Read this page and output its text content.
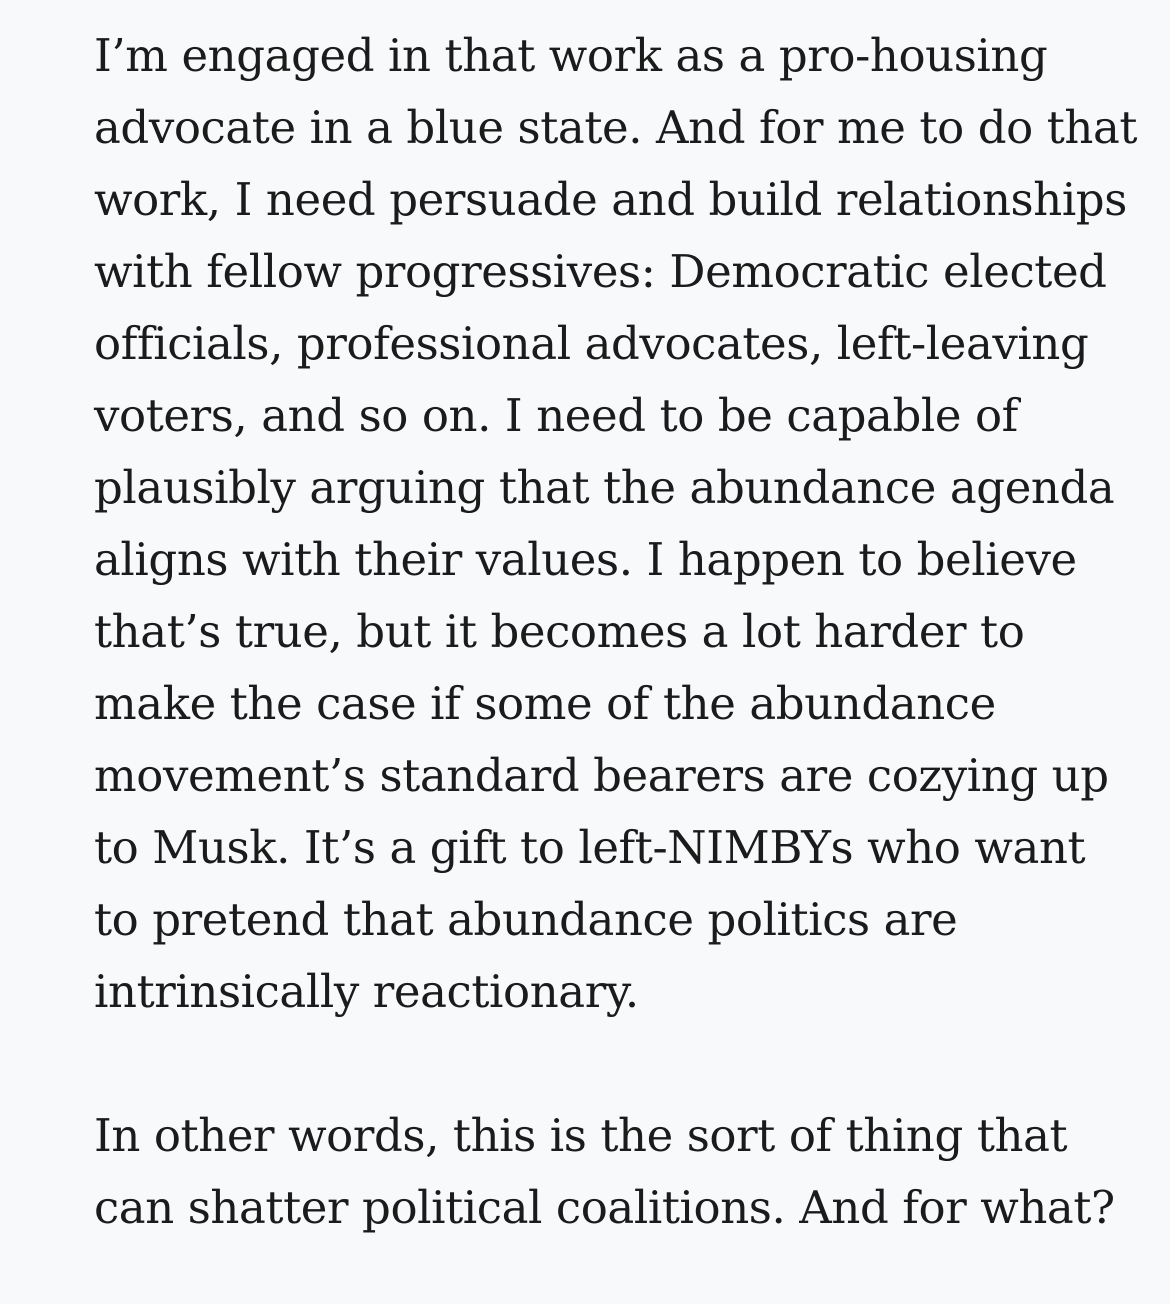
I’m engaged in that work as a pro-housing
advocate in a blue state. And for me to do that
work, I need persuade and build relationships
with fellow progressives: Democratic elected
officials, professional advocates, left-leaving
voters, and so on. I need to be capable of
plausibly arguing that the abundance agenda
aligns with their values. I happen to believe
that’s true, but it becomes a lot harder to
make the case if some of the abundance
movement’s standard bearers are cozying up
to Musk. It’s a gift to left-NIMBYs who want
to pretend that abundance politics are
intrinsically reactionary.

In other words, this is the sort of thing that
can shatter political coalitions. And for what?
